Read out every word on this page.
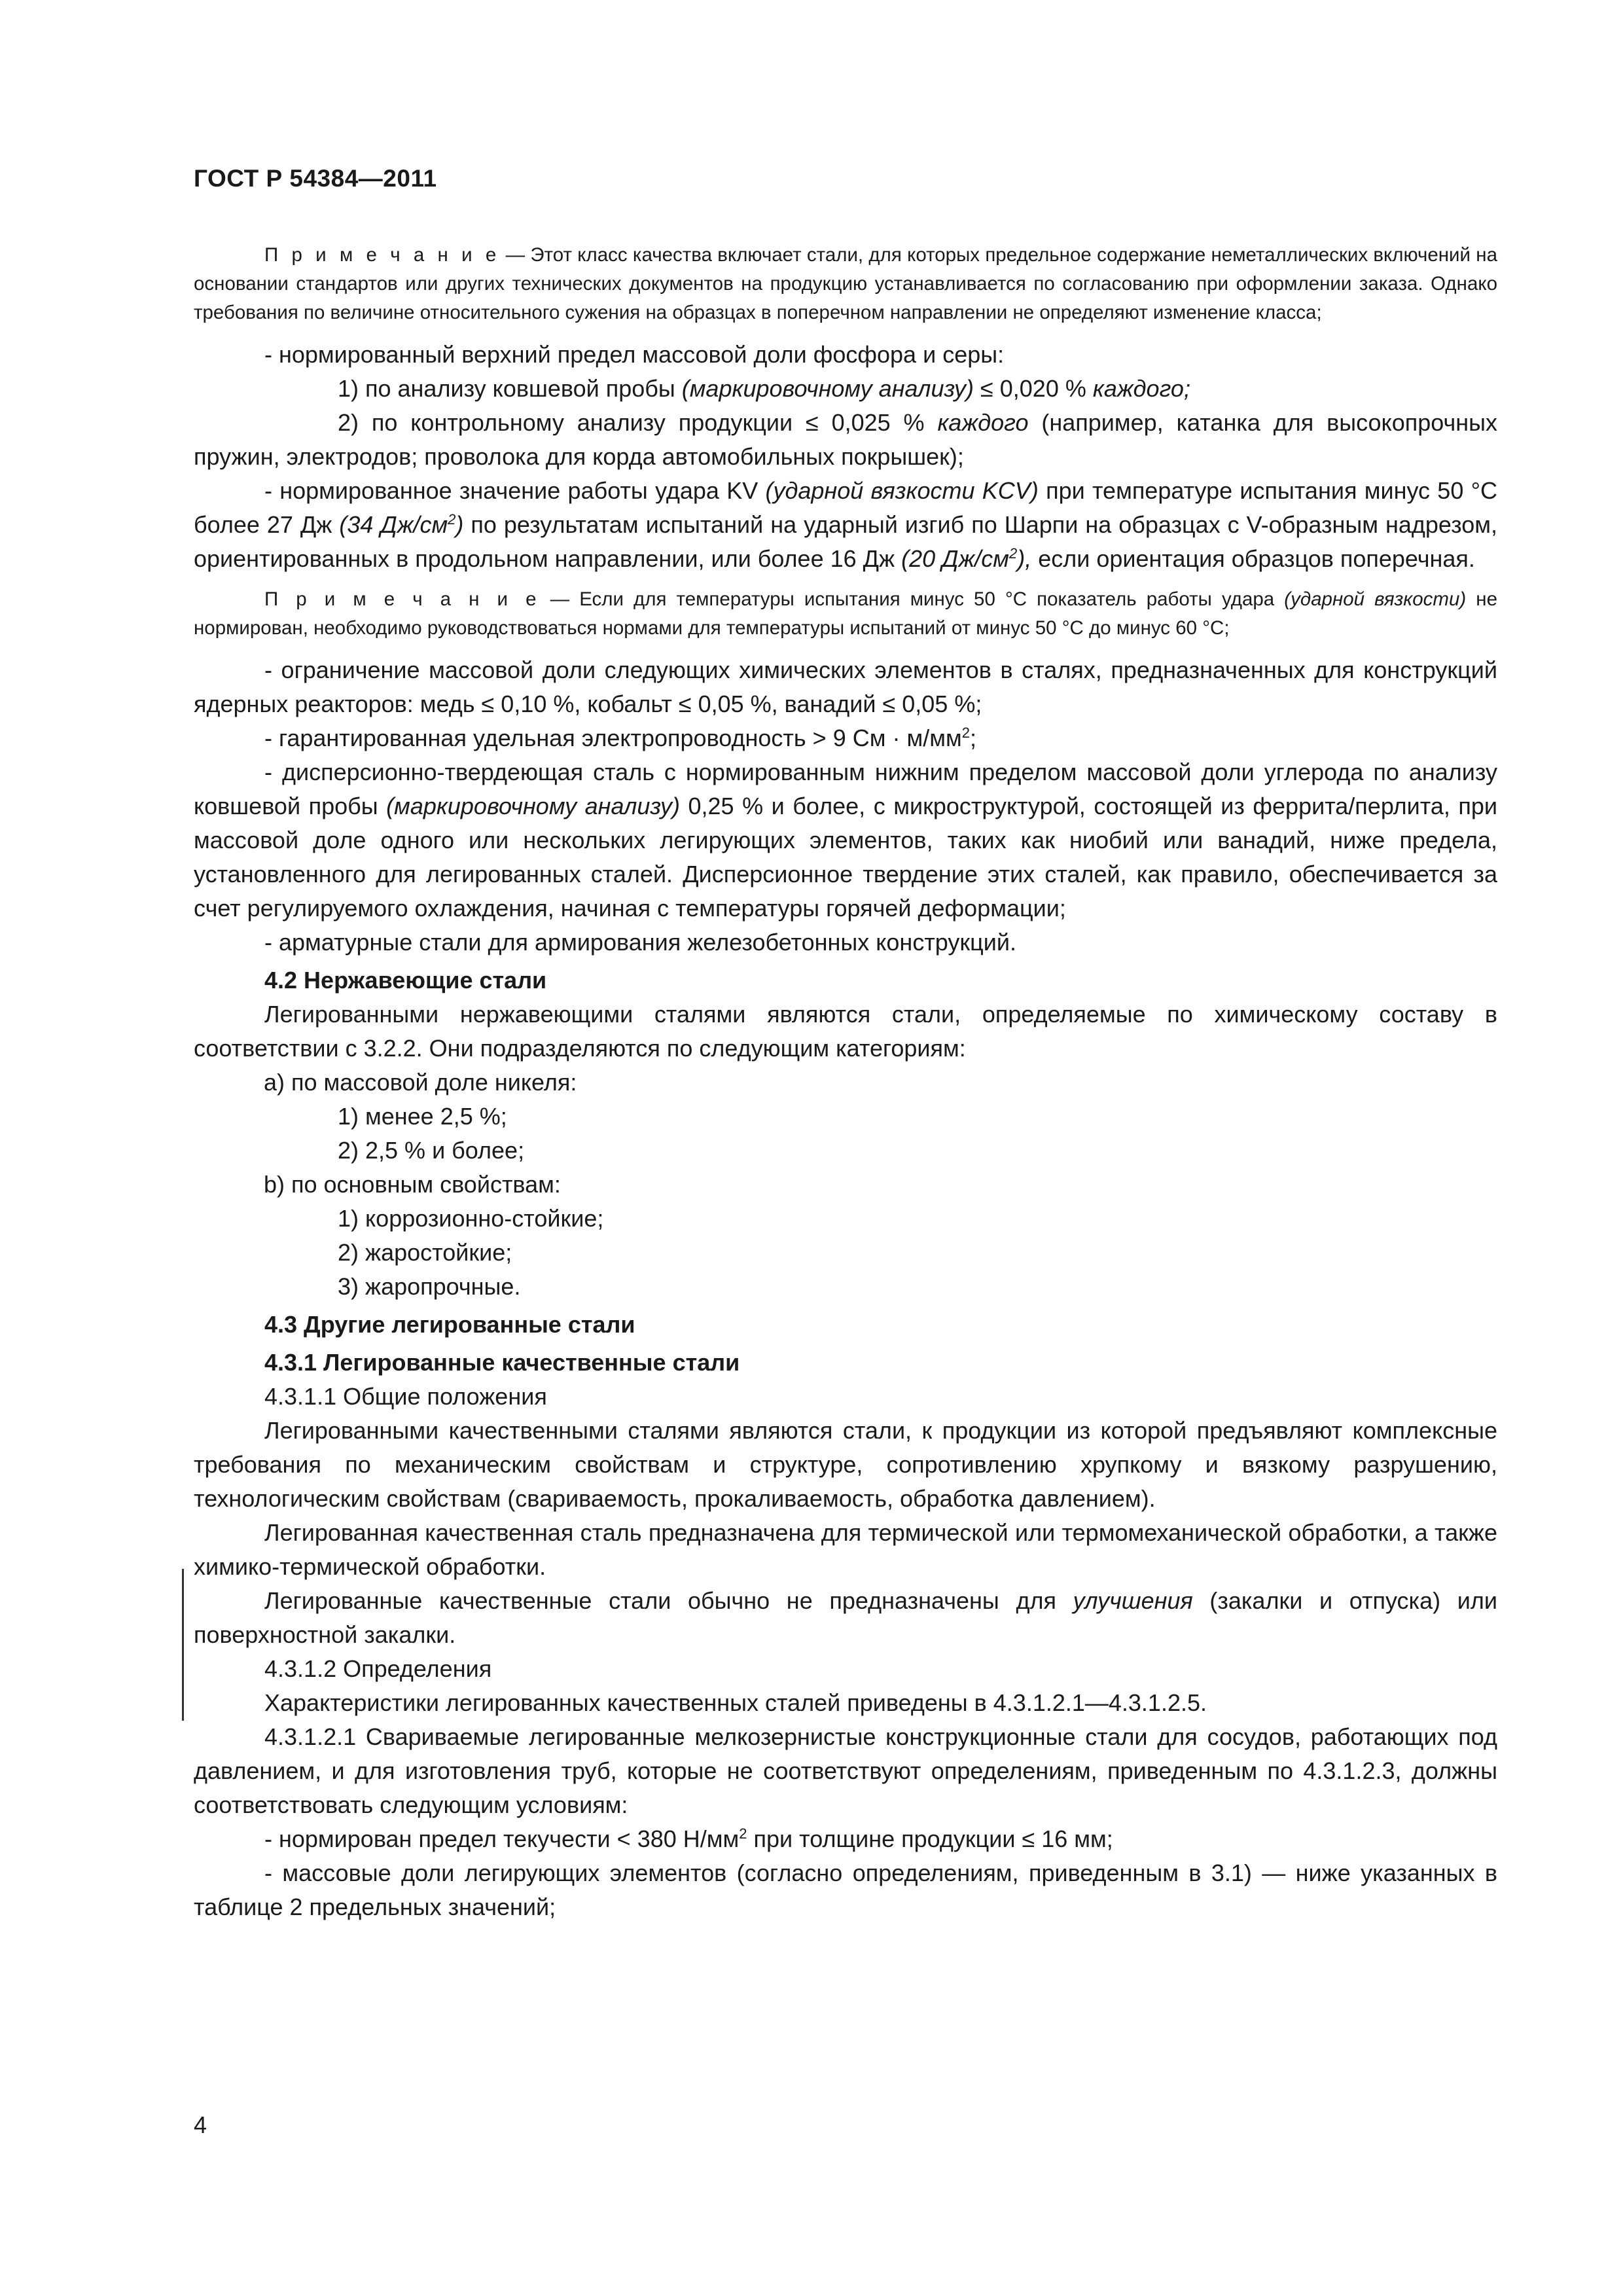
ГОСТ Р 54384—2011

П р и м е ч а н и е — Этот класс качества включает стали, для которых предельное содержание неметаллических включений на основании стандартов или других технических документов на продукцию устанавливается по согласованию при оформлении заказа. Однако требования по величине относительного сужения на образцах в поперечном направлении не определяют изменение класса;

- нормированный верхний предел массовой доли фосфора и серы:

1) по анализу ковшевой пробы (маркировочному анализу) ≤ 0,020 % каждого;

2) по контрольному анализу продукции ≤ 0,025 % каждого (например, катанка для высокопрочных пружин, электродов; проволока для корда автомобильных покрышек);

- нормированное значение работы удара KV (ударной вязкости KCV) при температуре испытания минус 50 °С более 27 Дж (34 $Дж/см^2$) по результатам испытаний на ударный изгиб по Шарпи на образцах с V-образным надрезом, ориентированных в продольном направлении, или более 16 Дж (20 $Дж/см^2$), если ориентация образцов поперечная.

П р и м е ч а н и е — Если для температуры испытания минус 50 °С показатель работы удара (ударной вязкости) не нормирован, необходимо руководствоваться нормами для температуры испытаний от минус 50 °С до минус 60 °С;

- ограничение массовой доли следующих химических элементов в сталях, предназначенных для конструкций ядерных реакторов: медь ≤ 0,10 %, кобальт ≤ 0,05 %, ванадий ≤ 0,05 %;

- гарантированная удельная электропроводность > 9 См · $м/мм^2$;

- дисперсионно-твердеющая сталь с нормированным нижним пределом массовой доли углерода по анализу ковшевой пробы (маркировочному анализу) 0,25 % и более, с микроструктурой, состоящей из феррита/перлита, при массовой доле одного или нескольких легирующих элементов, таких как ниобий или ванадий, ниже предела, установленного для легированных сталей. Дисперсионное твердение этих сталей, как правило, обеспечивается за счет регулируемого охлаждения, начиная с температуры горячей деформации;

- арматурные стали для армирования железобетонных конструкций.

4.2 Нержавеющие стали

Легированными нержавеющими сталями являются стали, определяемые по химическому составу в соответствии с 3.2.2. Они подразделяются по следующим категориям:

a) по массовой доле никеля:

1) менее 2,5 %;

2) 2,5 % и более;

b) по основным свойствам:

1) коррозионно-стойкие;

2) жаростойкие;

3) жаропрочные.

4.3 Другие легированные стали

4.3.1 Легированные качественные стали

4.3.1.1 Общие положения

Легированными качественными сталями являются стали, к продукции из которой предъявляют комплексные требования по механическим свойствам и структуре, сопротивлению хрупкому и вязкому разрушению, технологическим свойствам (свариваемость, прокаливаемость, обработка давлением).

Легированная качественная сталь предназначена для термической или термомеханической обработки, а также химико-термической обработки.

Легированные качественные стали обычно не предназначены для улучшения (закалки и отпуска) или поверхностной закалки.

4.3.1.2 Определения

Характеристики легированных качественных сталей приведены в 4.3.1.2.1—4.3.1.2.5.

4.3.1.2.1 Свариваемые легированные мелкозернистые конструкционные стали для сосудов, работающих под давлением, и для изготовления труб, которые не соответствуют определениям, приведенным по 4.3.1.2.3, должны соответствовать следующим условиям:

- нормирован предел текучести < 380 $Н/мм^2$ при толщине продукции ≤ 16 мм;

- массовые доли легирующих элементов (согласно определениям, приведенным в 3.1) — ниже указанных в таблице 2 предельных значений;

4
